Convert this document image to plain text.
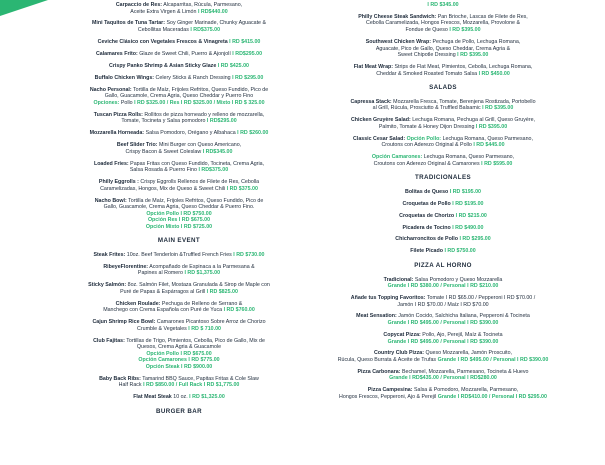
Carpaccio de Res: Alcaparritas, Rúcula, Parmesano,
Aceite Extra Virgen & Limón I RD$440.00
Mini Taquitos de Tuna Tartar: Soy Ginger Marinade, Chunky Aguacate &
Cebollitas Maceradas I RD$375.00
Ceviche Clásico con Vegetales Frescos & Vinagreta I RD $415.00
Calamares Frito: Glaze de Sweet Chili, Puerro & Ajonjolí I RD$295.00
Crispy Panko Shrimp & Asian Sticky Glaze I RD $425.00
Buffalo Chicken Wings: Celery Sticks & Ranch Dressing I RD $295.00
Nacho Personal: Tortilla de Maíz, Frijoles Refritos, Queso Fundido, Pico de
Gallo, Guacamole, Crema Agria, Queso Cheddar y Puerro Fino
Opciones: Pollo I RD $325.00 / Res I RD $325.00 / Mixto I RD $ 325.00
Tuscan Pizza Rolls: Rollitos de pizza horneado y relleno de mozzarella,
Tomate, Tocineta y Salsa pomodoro I RD$295.00
Mozzarella Horneada: Salsa Pomodoro, Orégano y Albahaca I RD $260.00
Beef Slider Trio: Mini Burger con Queso Americano,
Crispy Bacon & Sweet Coleslaw I RD$345.00
Loaded Fries: Papas Fritas con Queso Fundido, Tocineta, Crema Agria,
Salsa Rosada & Puerro Fino I RD$375.00
Philly Eggrolls : Crispy Eggrolls Rellenos de Filete de Res, Cebolla
Caramelizadas, Hongos, Mix de Queso & Sweet Chili I RD $375.00
Nacho Bowl: Tortilla de Maíz, Frijoles Refritos, Queso Fundido, Pico de
Gallo, Guacamole, Crema Agria, Queso Cheddar & Puerro Fino.
Opción Pollo I RD $750.00
Opción Res I RD $675.00
Opción Mixto I RD $725.00
MAIN EVENT
Steak Frites: 10oz. Beef Tenderloin &Truffled French Fries I RD $730.00
RibeyeFlorentine: Acompañado de Espinaca a la Parmesana &
Papines al Romero I RD $1,375.00
Sticky Salmón: 8oz. Salmón Filet, Mostaza Granulada & Sirop de Maple con
Puré de Papas & Espárragos al Grill I RD $825.00
Chicken Roulade: Pechuga de Relleno de Serrano &
Manchego con Crema Española con Puré de Yuca I RD $760.00
Cajun Shrimp Rice Bowl: Camarones Picantoso Sobre Arroz de Chorizo
Crumble & Vegetales I RD $ 710.00
Club Fajitas: Tortillas de Trigo, Pimientos, Cebolla, Pico de Gallo, Mix de
Quesos, Crema Agria & Guacamole
Opción Pollo I RD $675.00
Opción Camarones I RD $775.00
Opción Steak I RD $900.00
Baby Back Ribs: Tamarind BBQ Sauce, Papitas Fritas & Cole Slaw
Half Rack I RD $850.00 / Full Rack I RD $1,775.00
Flat Meat Steak 10 oz. I RD $1,325.00
BURGER BAR
I RD $345.00
Philly Cheese Steak Sandwich: Pan Brioche, Lascas de Filete de Res,
Cebolla Caramelizada, Hongos Frescos, Mozzarella, Provolone &
Fondue de Queso I RD $395.00
Southwest Chicken Wrap: Pechuga de Pollo, Lechuga Romana,
Aguacate, Pico de Gallo, Queso Cheddar, Crema Agria &
Sweet Chipotle Dressing I RD $395.00
Flat Meat Wrap: Strips de Flat Meat, Pimientos, Cebolla, Lechuga Romana,
Cheddar & Smoked Roasted Tomato Salsa I RD $450.00
SALADS
Capressa Stack: Mozzarella Fresca, Tomate, Berenjena Rostizada, Portobello
al Grill, Rúcula, Prosciutto & Truffled Balsamic I RD $395.00
Chicken Gruyère Salad: Lechuga Romana, Pechuga al Grill, Queso Gruyère,
Palmito, Tomate & Honey Dijon Dressing I RD $395.00
Classic Cesar Salad: Opción Pollo: Lechuga Romana, Queso Parmesano,
Croutons con Aderezo Original & Pollo I RD $445.00
Opción Camarones: Lechuga Romana, Queso Parmesano,
Croutons con Aderezo Original & Camarones I RD $595.00
TRADICIONALES
Bolitas de Queso I RD $195.00
Croquetas de Pollo I RD $195.00
Croquetas de Chorizo I RD $215.00
Picadera de Tocino I RD $490.00
Chicharroncitos de Pollo I RD $295.00
Filete Picado I RD $750.00
PIZZA AL HORNO
Tradicional: Salsa Pomodoro y Queso Mozzarella
Grande I RD $380.00 / Personal I RD $210.00
Añade tus Topping Favoritos: Tomate I RD $65.00 / Pepperoni I RD $70.00 /
Jamón I RD $70.00 / Maíz I RD $70.00
Meat Sensation: Jamón Cocido, Salchicha Italiana, Pepperoni & Tocineta
Grande I RD $495.00 / Personal I RD $390.00
Copycat Pizza: Pollo, Ajo, Perejil, Maíz & Tocineta
Grande I RD $495.00 / Personal I RD $390.00
Country Club Pizza: Queso Mozzarella, Jamón Proscuito,
Rúcula, Queso Burrata & Aceite de Trufas Grande I RD $495.00 / Personal I RD $390.00
Pizza Carbonara: Bechamel, Mozzarella, Parmesano, Tocineta & Huevo
Grande I RD$435.00 / Personal I RD$280.00
Pizza Campesina: Salsa & Pomodoro, Mozzarella, Parmesano,
Hongos Frescos, Pepperoni, Ajo & Perejil Grande I RD$410.00 / Personal I RD $295.00
